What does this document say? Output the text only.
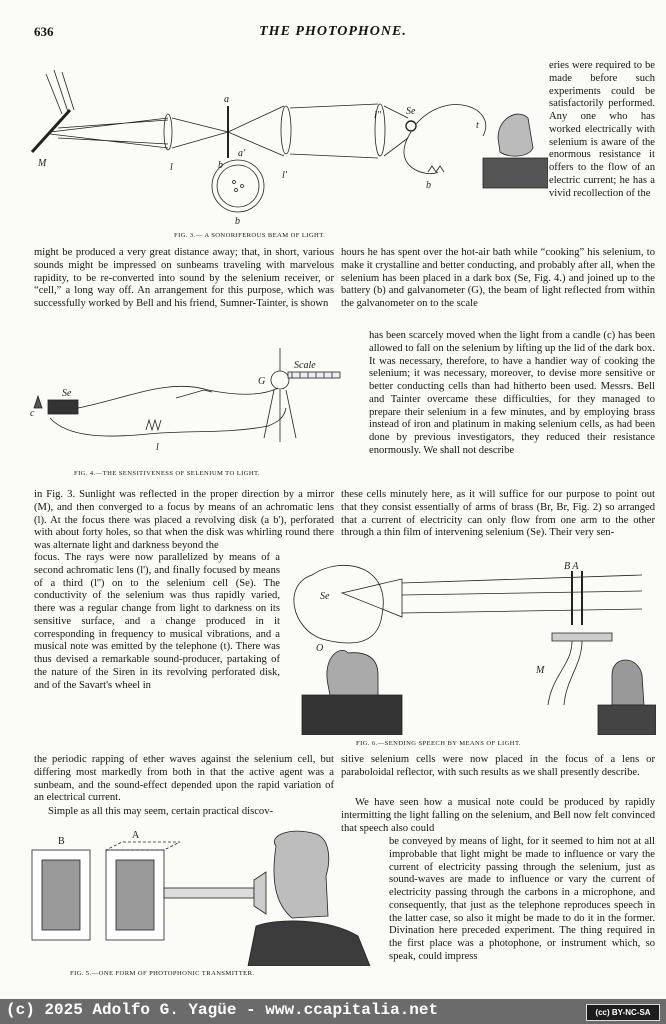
636	THE PHOTOPHONE.
M	l
a
b
l'
l'' Se
t
b
a'
b
FIG. 3.— A SONORIFEROUS BEAM OF LIGHT.
eries were required to be made before such experiments could be satisfactorily performed. Any one who has worked electrically with selenium is aware of the enormous resistance it offers to the flow of an electric current; he has a vivid recollection of the
might be produced a very great distance away; that, in short, various sounds might be impressed on sunbeams traveling with marvelous rapidity, to be re-converted into sound by the selenium receiver, or “cell,” a long way off. An arrangement for this purpose, which was successfully worked by Bell and his friend, Sumner-Tainter, is shown
hours he has spent over the hot-air bath while “cooking” his selenium, to make it crystalline and better conducting, and probably after all, when the selenium has been placed in a dark box (Se, Fig. 4.) and joined up to the battery (b) and galvanometer (G), the beam of light reflected from within the galvanometer on to the scale
Scale
G
Se
c
l
FIG. 4.—THE SENSITIVENESS OF SELENIUM TO LIGHT.
has been scarcely moved when the light from a candle (c) has been allowed to fall on the selenium by lifting up the lid of the dark box. It was necessary, therefore, to have a handier way of cooking the selenium; it was necessary, moreover, to devise more sensitive or better conducting cells than had hitherto been used. Messrs. Bell and Tainter overcame these difficulties, for they managed to prepare their selenium in a few minutes, and by employing brass instead of iron and platinum in making selenium cells, as had been done by previous investigators, they reduced their resistance enormously. We shall not describe
these cells minutely here, as it will suffice for our purpose to point out that they consist essentially of arms of brass (Br, Br, Fig. 2) so arranged that a current of electricity can only flow from one arm to the other through a thin film of intervening selenium (Se). Their very sen-
in Fig. 3. Sunlight was reflected in the proper direction by a mirror (M), and then converged to a focus by means of an achromatic lens (l). At the focus there was placed a revolving disk (a b'), perforated with about forty holes, so that when the disk was whirling round there was alternate light and darkness beyond the
focus. The rays were now parallelized by means of a second achromatic lens (l'), and finally focused by means of a third (l'') on to the selenium cell (Se). The conductivity of the selenium was thus rapidly varied, there was a regular change from light to darkness on its sensitive surface, and a change produced in it corresponding in frequency to musical vibrations, and a musical note was emitted by the telephone (t). There was thus devised a remarkable sound-producer, partaking of the nature of the Siren in its revolving perforated disk, and of the Savart's wheel in
B A
Se
O
M
FIG. 6.—SENDING SPEECH BY MEANS OF LIGHT.
the periodic rapping of ether waves against the selenium cell, but differing most markedly from both in that the active agent was a sunbeam, and the sound-effect depended upon the rapid variation of an electrical current.
Simple as all this may seem, certain practical discov-
sitive selenium cells were now placed in the focus of a lens or paraboloidal reflector, with such results as we shall presently describe.
We have seen how a musical note could be produced by rapidly intermitting the light falling on the selenium, and Bell now felt convinced that speech also could
be conveyed by means of light, for it seemed to him not at all improbable that light might be made to influence or vary the current of electricity passing through the selenium, just as sound-waves are made to influence or vary the current of electricity passing through the carbons in a microphone, and consequently, that just as the telephone reproduces speech in the latter case, so also it might be made to do it in the former. Divination here preceded experiment. The thing required in the first place was a photophone, or instrument which, so speak, could impress
B
A
FIG. 5.—ONE FORM OF PHOTOPHONIC TRANSMITTER.
(c) 2025 Adolfo G. Yagüe - www.ccapitalia.net	(cc) BY-NC-SA
